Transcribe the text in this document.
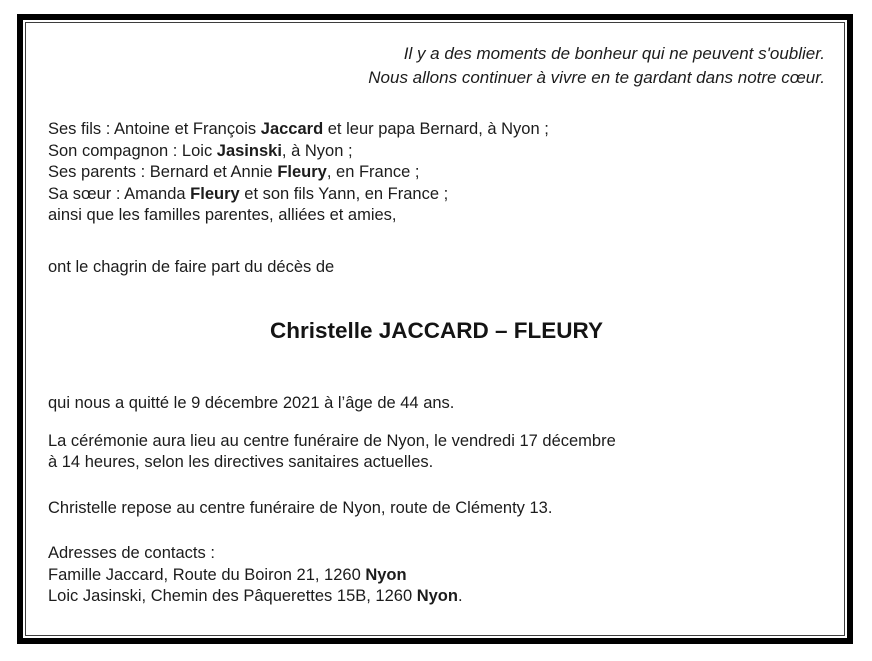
Il y a des moments de bonheur qui ne peuvent s'oublier.

Nous allons continuer à vivre en te gardant dans notre cœur.

Ses fils : Antoine et François Jaccard et leur papa Bernard, à Nyon ;

Son compagnon : Loic Jasinski, à Nyon ;

Ses parents : Bernard et Annie Fleury, en France ;

Sa sœur : Amanda Fleury et son fils Yann, en France ;

ainsi que les familles parentes, alliées et amies,

ont le chagrin de faire part du décès de

Christelle JACCARD – FLEURY

qui nous a quitté le 9 décembre 2021 à l’âge de 44 ans.

La cérémonie aura lieu au centre funéraire de Nyon, le vendredi 17 décembre

à 14 heures, selon les directives sanitaires actuelles.

Christelle repose au centre funéraire de Nyon, route de Clémenty 13.

Adresses de contacts :

Famille Jaccard, Route du Boiron 21, 1260 Nyon

Loic Jasinski, Chemin des Pâquerettes 15B, 1260 Nyon.
